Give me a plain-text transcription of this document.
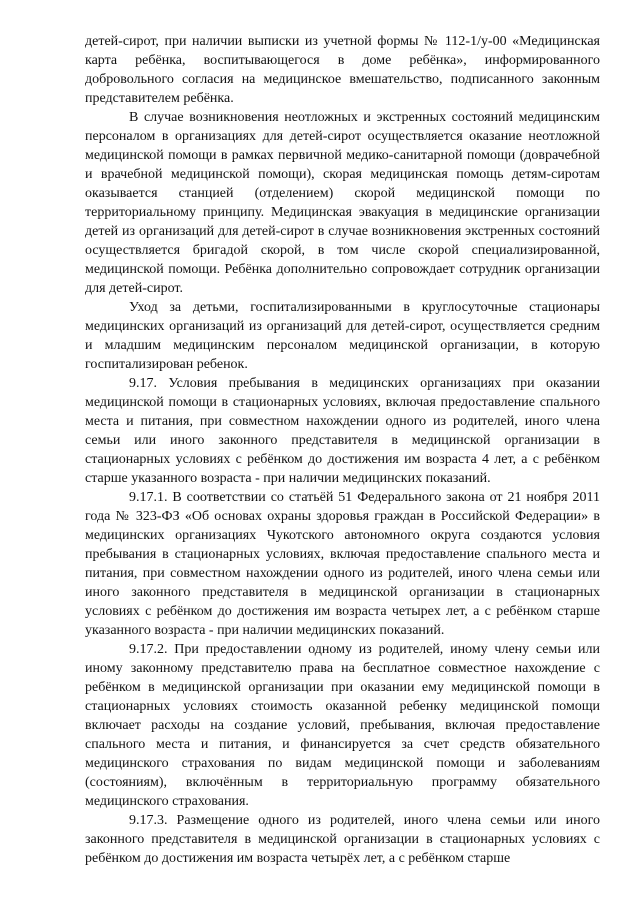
детей-сирот, при наличии выписки из учетной формы № 112-1/у-00 «Медицинская карта ребёнка, воспитывающегося в доме ребёнка», информированного добровольного согласия на медицинское вмешательство, подписанного законным представителем ребёнка.

В случае возникновения неотложных и экстренных состояний медицинским персоналом в организациях для детей-сирот осуществляется оказание неотложной медицинской помощи в рамках первичной медико-санитарной помощи (доврачебной и врачебной медицинской помощи), скорая медицинская помощь детям-сиротам оказывается станцией (отделением) скорой медицинской помощи по территориальному принципу. Медицинская эвакуация в медицинские организации детей из организаций для детей-сирот в случае возникновения экстренных состояний осуществляется бригадой скорой, в том числе скорой специализированной, медицинской помощи. Ребёнка дополнительно сопровождает сотрудник организации для детей-сирот.

Уход за детьми, госпитализированными в круглосуточные стационары медицинских организаций из организаций для детей-сирот, осуществляется средним и младшим медицинским персоналом медицинской организации, в которую госпитализирован ребенок.

9.17. Условия пребывания в медицинских организациях при оказании медицинской помощи в стационарных условиях, включая предоставление спального места и питания, при совместном нахождении одного из родителей, иного члена семьи или иного законного представителя в медицинской организации в стационарных условиях с ребёнком до достижения им возраста 4 лет, а с ребёнком старше указанного возраста - при наличии медицинских показаний.

9.17.1. В соответствии со статьёй 51 Федерального закона от 21 ноября 2011 года № 323-ФЗ «Об основах охраны здоровья граждан в Российской Федерации» в медицинских организациях Чукотского автономного округа создаются условия пребывания в стационарных условиях, включая предоставление спального места и питания, при совместном нахождении одного из родителей, иного члена семьи или иного законного представителя в медицинской организации в стационарных условиях с ребёнком до достижения им возраста четырех лет, а с ребёнком старше указанного возраста - при наличии медицинских показаний.

9.17.2. При предоставлении одному из родителей, иному члену семьи или иному законному представителю права на бесплатное совместное нахождение с ребёнком в медицинской организации при оказании ему медицинской помощи в стационарных условиях стоимость оказанной ребенку медицинской помощи включает расходы на создание условий, пребывания, включая предоставление спального места и питания, и финансируется за счет средств обязательного медицинского страхования по видам медицинской помощи и заболеваниям (состояниям), включённым в территориальную программу обязательного медицинского страхования.

9.17.3. Размещение одного из родителей, иного члена семьи или иного законного представителя в медицинской организации в стационарных условиях с ребёнком до достижения им возраста четырёх лет, а с ребёнком старше
